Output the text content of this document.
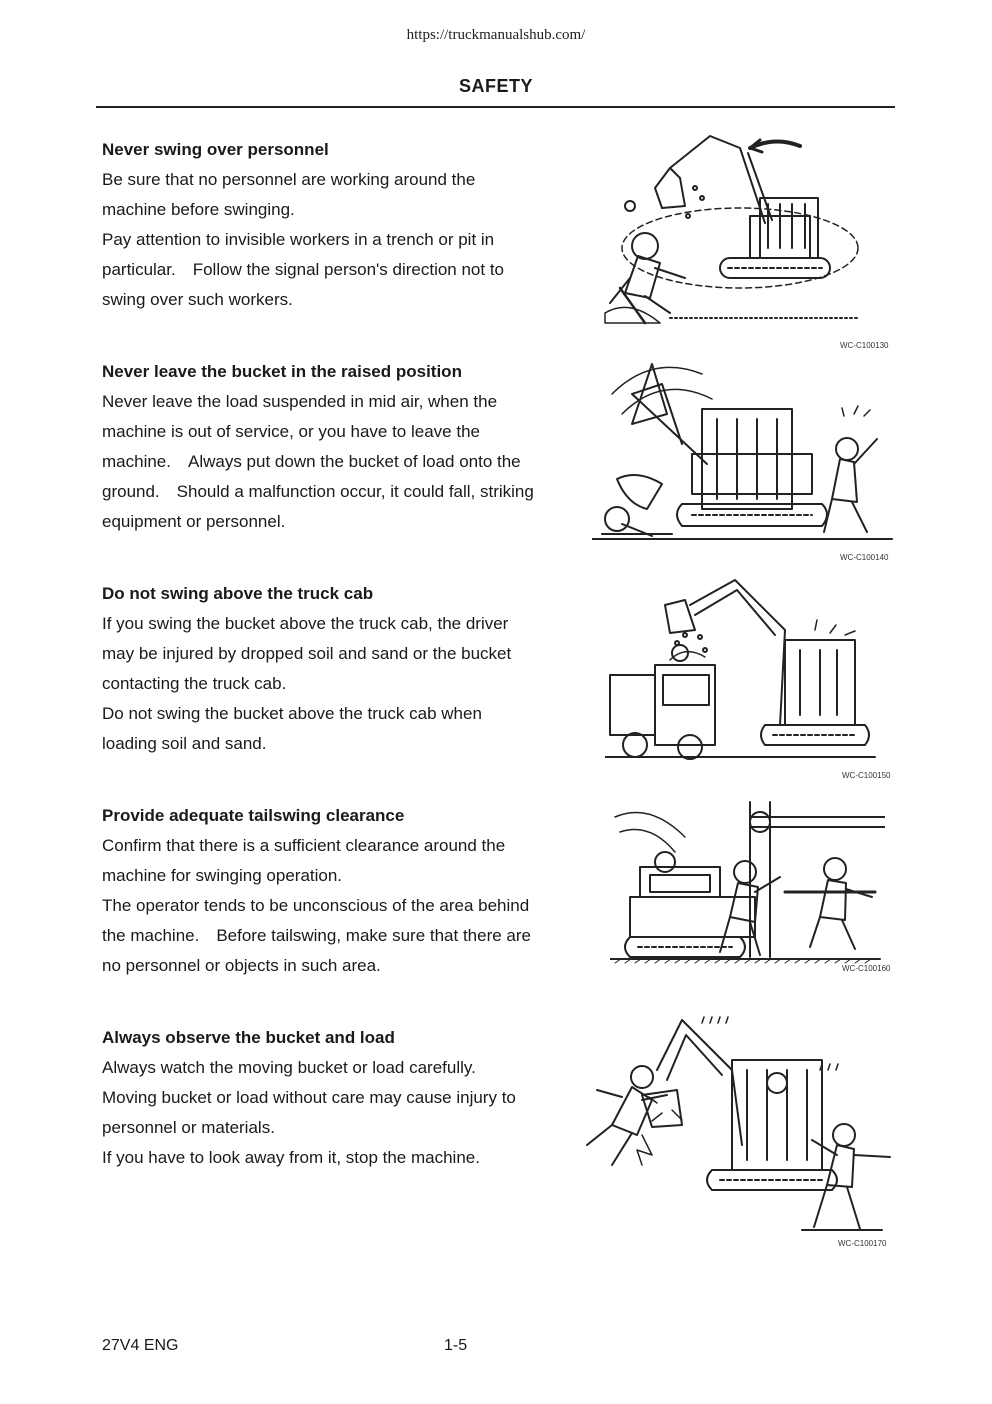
https://truckmanualshub.com/
SAFETY
Never swing over personnel

Be sure that no personnel are working around the

machine before swinging.

Pay attention to invisible workers in a trench or pit in

particular.　Follow the signal person's direction not to

swing over such workers.

WC-C100130
Never leave the bucket in the raised position

Never leave the load suspended in mid air, when the

machine is out of service, or you have to leave the

machine.　Always put down the bucket of load onto the

ground.　Should a malfunction occur, it could fall, striking

equipment or personnel.

WC-C100140
Do not swing above the truck cab

If you swing the bucket above the truck cab, the driver

may be injured by dropped soil and sand or the bucket

contacting the truck cab.

Do not swing the bucket above the truck cab when

loading soil and sand.

WC-C100150
Provide adequate tailswing clearance

Confirm that there is a sufficient clearance around the

machine for swinging operation.

The operator tends to be unconscious of the area behind

the machine.　Before tailswing, make sure that there are

no personnel or objects in such area.	WC-C100160
Always observe the bucket and load

Always watch the moving bucket or load carefully.

Moving bucket or load without care may cause injury to

personnel or materials.

If you have to look away from it, stop the machine.

WC-C100170
27V4 ENG	1-5
